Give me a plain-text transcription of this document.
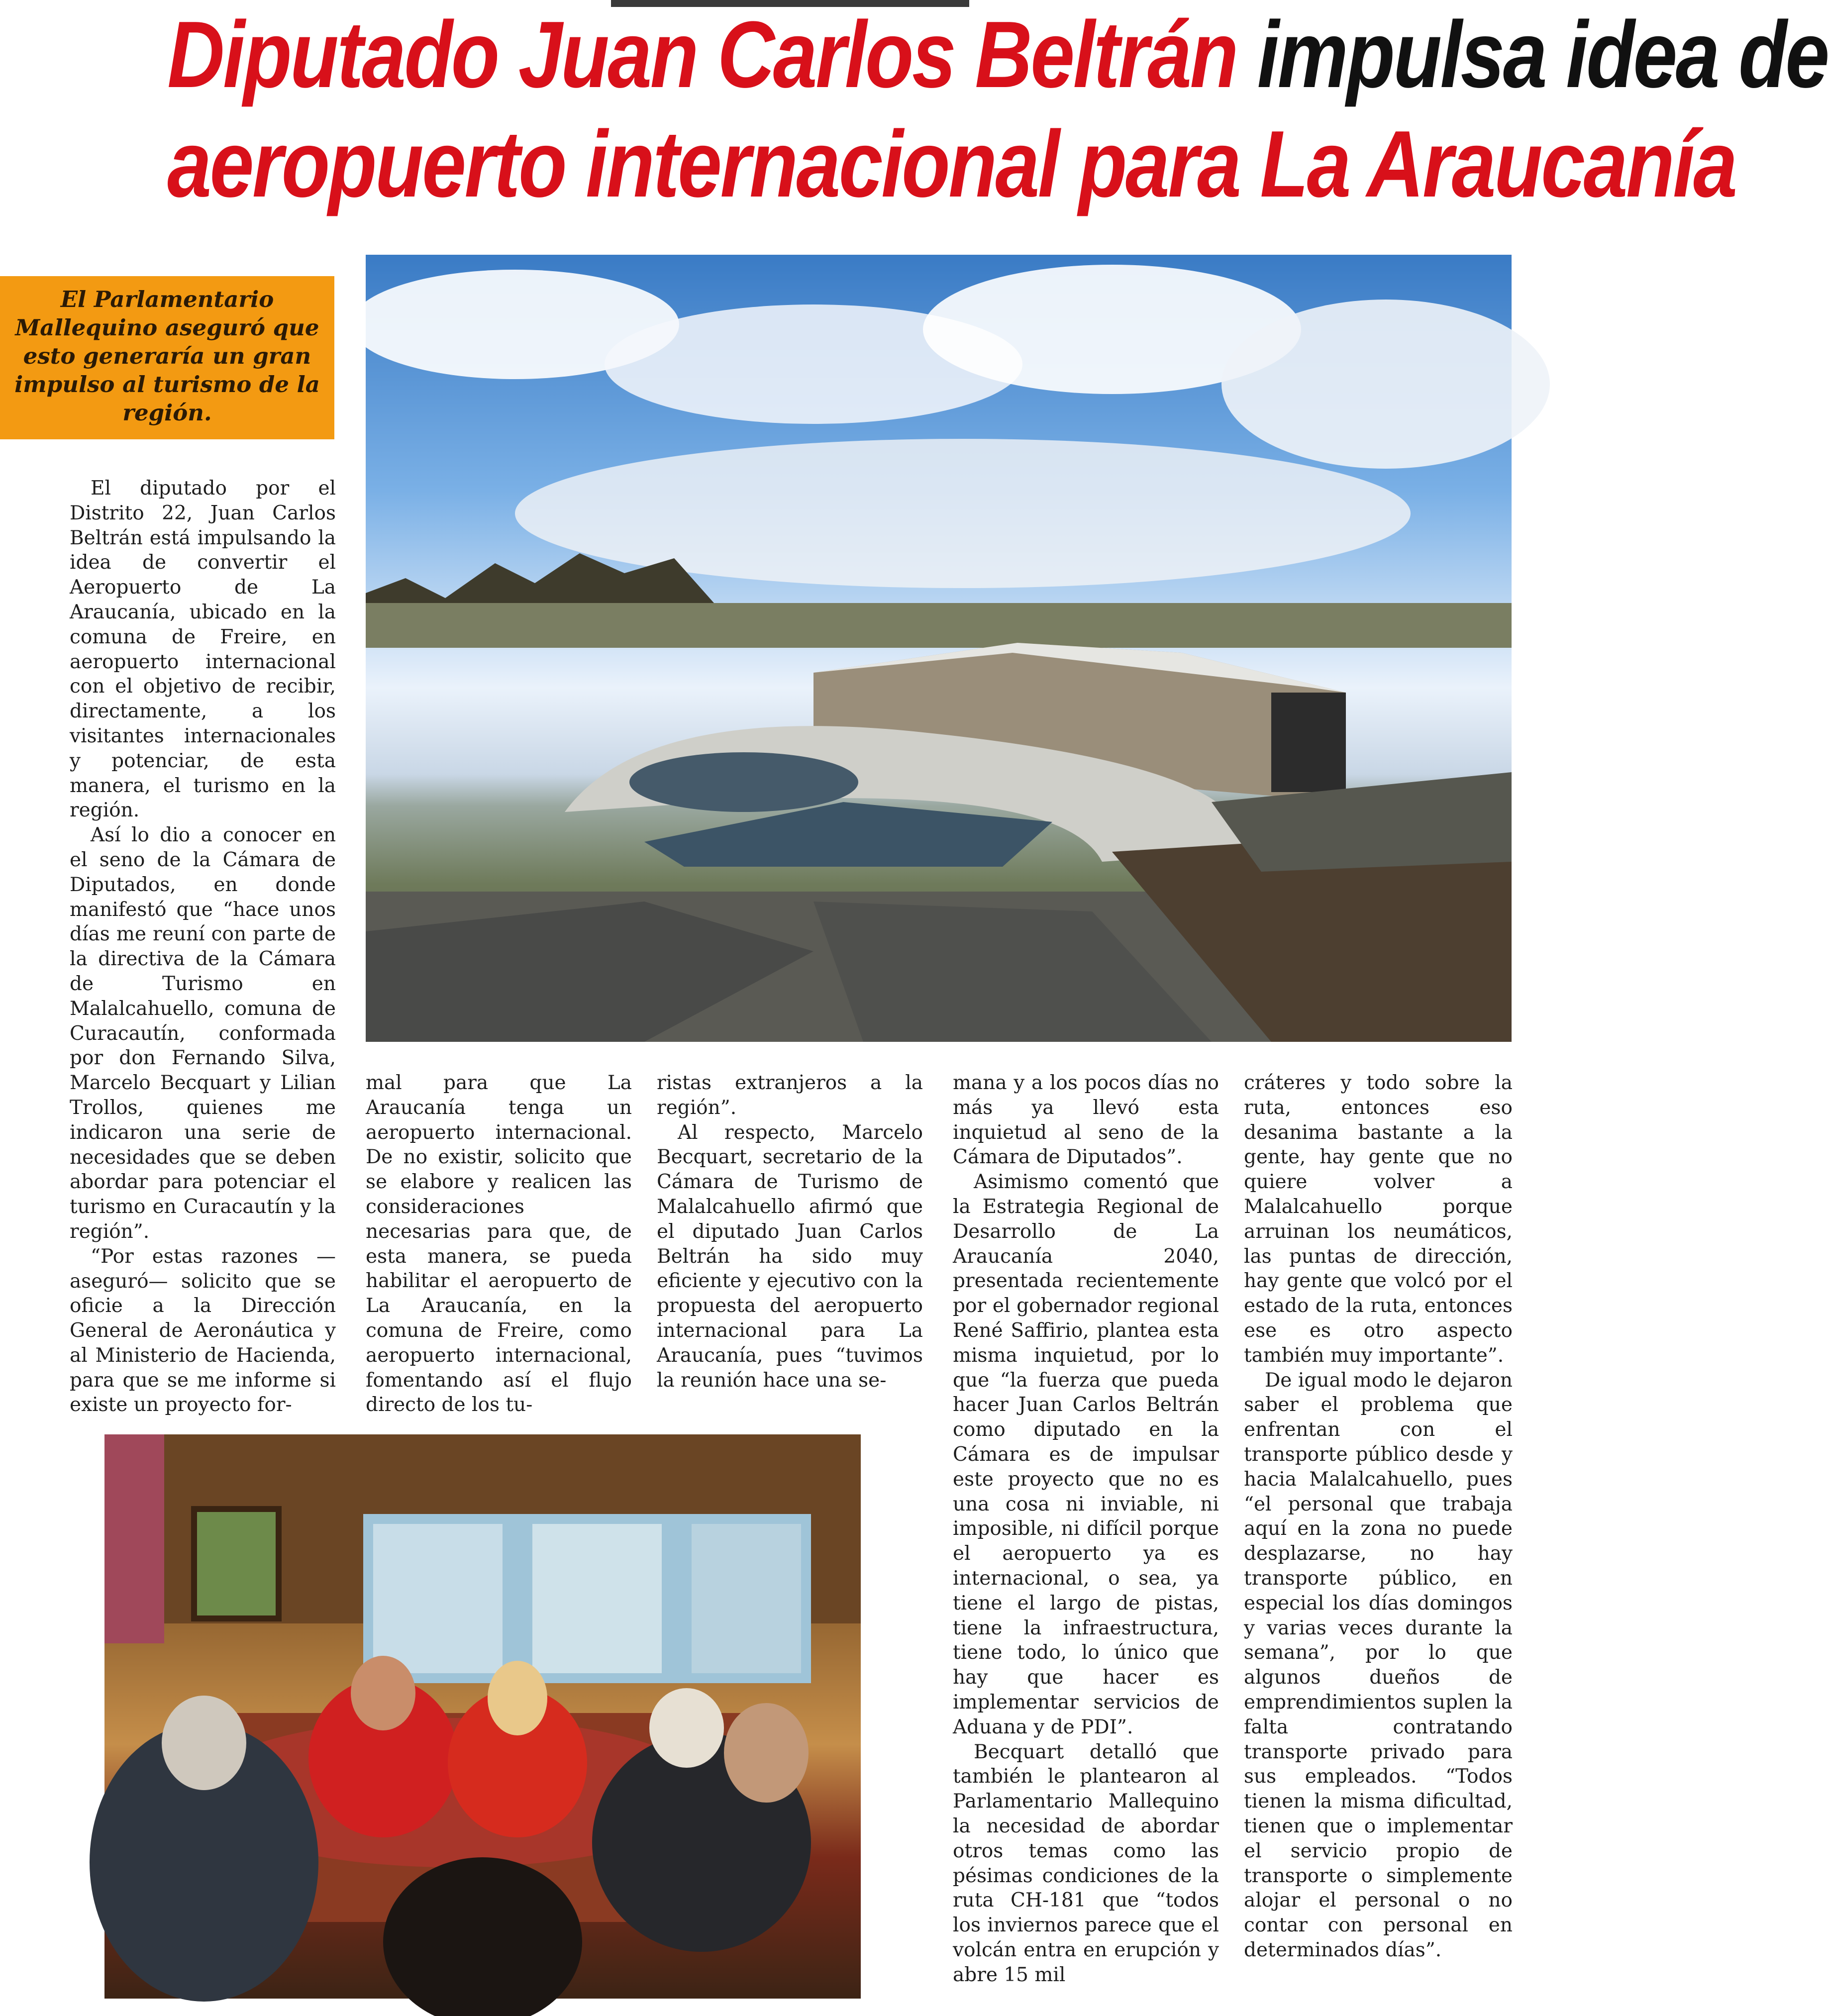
Diputado Juan Carlos Beltrán impulsa idea de
aeropuerto internacional para La Araucanía
El Parlamentario Mallequino aseguró que esto generaría un gran impulso al turismo de la región.

El diputado por el Distrito 22, Juan Carlos Beltrán está impulsando la idea de convertir el Aeropuerto de La Araucanía, ubicado en la comuna de Freire, en aeropuerto internacional con el objetivo de recibir, directamente, a los visitantes internacionales y potenciar, de esta manera, el turismo en la región.

Así lo dio a conocer en el seno de la Cámara de Diputados, en donde manifestó que “hace unos días me reuní con parte de la directiva de la Cámara de Turismo en Malalcahuello, comuna de Curacautín, conformada por don Fernando Silva, Marcelo Becquart y Lilian Trollos, quienes me indicaron una serie de necesidades que se deben abordar para potenciar el turismo en Curacautín y la región”.

“Por estas razones —aseguró— solicito que se oficie a la Dirección General de Aeronáutica y al Ministerio de Hacienda, para que se me informe si existe un proyecto for-

mal para que La Araucanía tenga un aeropuerto internacional. De no existir, solicito que se elabore y realicen las consideraciones necesarias para que, de esta manera, se pueda habilitar el aeropuerto de La Araucanía, en la comuna de Freire, como aeropuerto internacional, fomentando así el flujo directo de los tu-

ristas extranjeros a la región”.

Al respecto, Marcelo Becquart, secretario de la Cámara de Turismo de Malalcahuello afirmó que el diputado Juan Carlos Beltrán ha sido muy eficiente y ejecutivo con la propuesta del aeropuerto internacional para La Araucanía, pues “tuvimos la reunión hace una se-

mana y a los pocos días no más ya llevó esta inquietud al seno de la Cámara de Diputados”.

Asimismo comentó que la Estrategia Regional de Desarrollo de La Araucanía 2040, presentada recientemente por el gobernador regional René Saffirio, plantea esta misma inquietud, por lo que “la fuerza que pueda hacer Juan Carlos Beltrán como diputado en la Cámara es de impulsar este proyecto que no es una cosa ni inviable, ni imposible, ni difícil porque el aeropuerto ya es internacional, o sea, ya tiene el largo de pistas, tiene la infraestructura, tiene todo, lo único que hay que hacer es implementar servicios de Aduana y de PDI”.

Becquart detalló que también le plantearon al Parlamentario Mallequino la necesidad de abordar otros temas como las pésimas condiciones de la ruta CH-181 que “todos los inviernos parece que el volcán entra en erupción y abre 15 mil

cráteres y todo sobre la ruta, entonces eso desanima bastante a la gente, hay gente que no quiere volver a Malalcahuello porque arruinan los neumáticos, las puntas de dirección, hay gente que volcó por el estado de la ruta, entonces ese es otro aspecto también muy importante”.

De igual modo le dejaron saber el problema que enfrentan con el transporte público desde y hacia Malalcahuello, pues “el personal que trabaja aquí en la zona no puede desplazarse, no hay transporte público, en especial los días domingos y varias veces durante la semana”, por lo que algunos dueños de emprendimientos suplen la falta contratando transporte privado para sus empleados. “Todos tienen la misma dificultad, tienen que o implementar el servicio propio de transporte o simplemente alojar el personal o no contar con personal en determinados días”.
